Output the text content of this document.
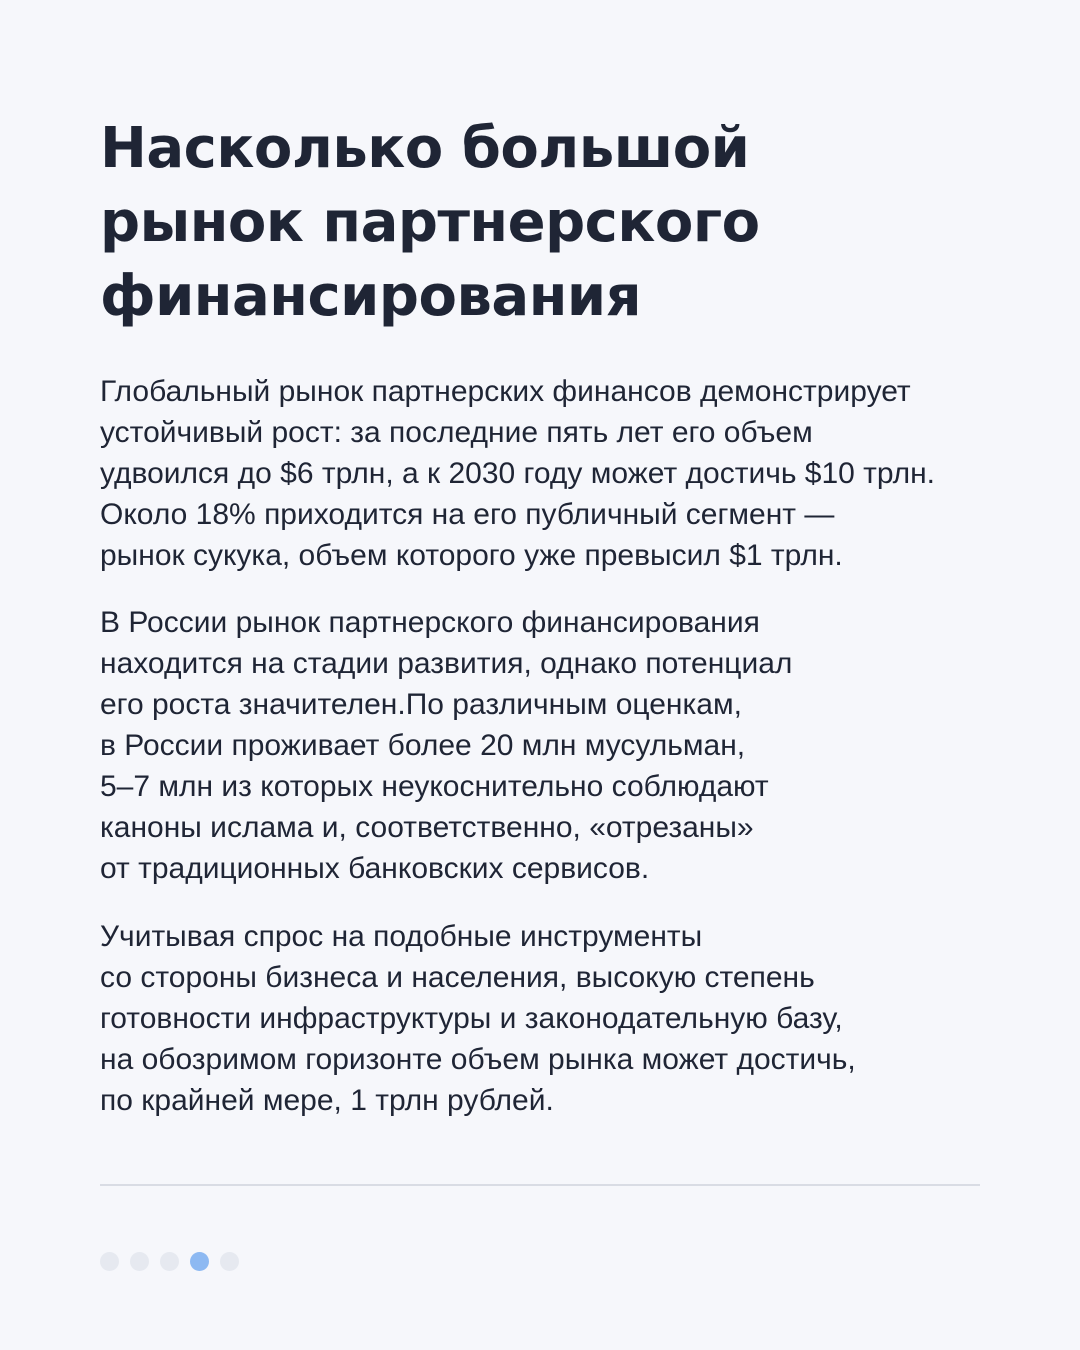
Насколько большой
рынок партнерского
финансирования

Глобальный рынок партнерских финансов демонстрирует
устойчивый рост: за последние пять лет его объем
удвоился до $6 трлн, а к 2030 году может достичь $10 трлн.
Около 18% приходится на его публичный сегмент —
рынок сукука, объем которого уже превысил $1 трлн.

В России рынок партнерского финансирования
находится на стадии развития, однако потенциал
его роста значителен.По различным оценкам,
в России проживает более 20 млн мусульман,
5–7 млн из которых неукоснительно соблюдают
каноны ислама и, соответственно, «отрезаны»
от традиционных банковских сервисов.

Учитывая спрос на подобные инструменты
со стороны бизнеса и населения, высокую степень
готовности инфраструктуры и законодательную базу,
на обозримом горизонте объем рынка может достичь,
по крайней мере, 1 трлн рублей.
